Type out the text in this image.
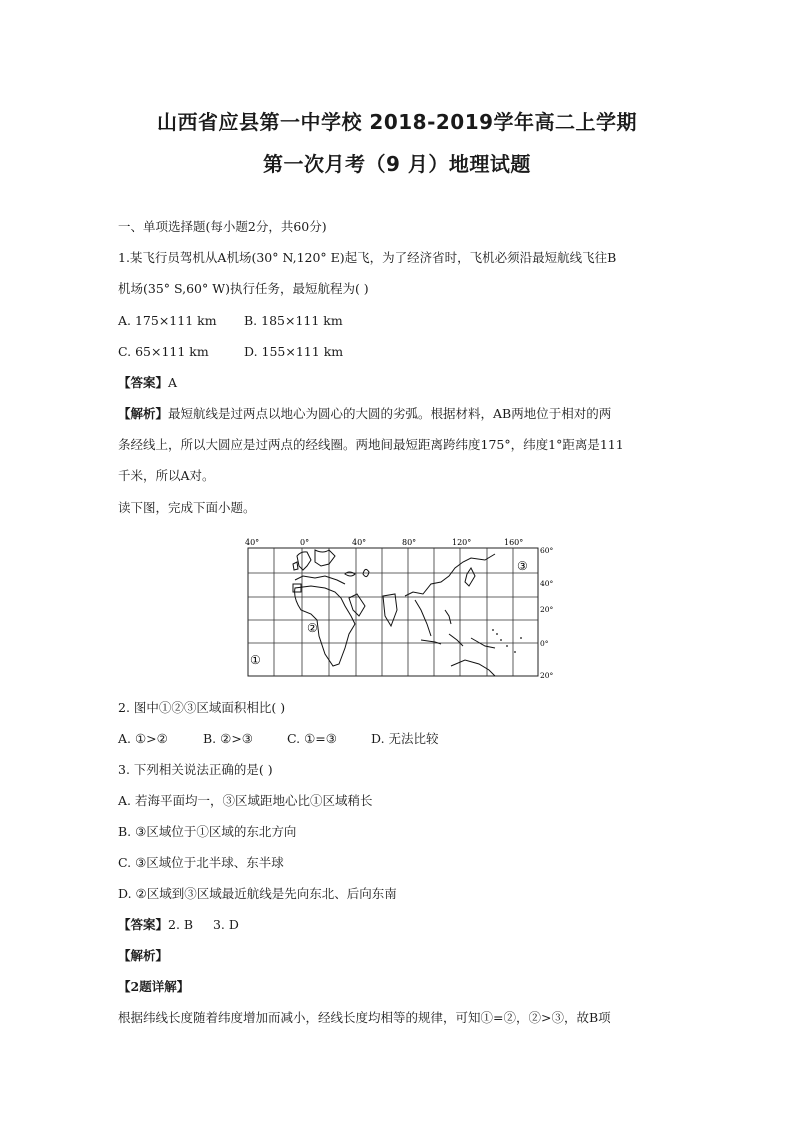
山西省应县第一中学校 2018-2019学年高二上学期
第一次月考（9 月）地理试题
一、单项选择题(每小题2分，共60分)
1.某飞行员驾机从A机场(30° N,120° E)起飞，为了经济省时，飞机必须沿最短航线飞往B
机场(35° S,60° W)执行任务，最短航程为( )
A. 175×111 km B. 185×111 km
C. 65×111 km	D. 155×111 km
【答案】A
【解析】最短航线是过两点以地心为圆心的大圆的劣弧。根据材料，AB两地位于相对的两
条经线上，所以大圆应是过两点的经线圈。两地间最短距离跨纬度175°，纬度1°距离是111
千米，所以A对。
读下图，完成下面小题。
40°	0°	40°	80°	120°	160°
60°
40°
20°
0°
20°
①
②
③
2. 图中①②③区域面积相比( )
A. ①>②	B. ②>③	C. ①=③	D. 无法比较
3. 下列相关说法正确的是( )
A. 若海平面均一，③区域距地心比①区域稍长
B. ③区域位于①区域的东北方向
C. ③区域位于北半球、东半球
D. ②区域到③区域最近航线是先向东北、后向东南
【答案】2. B     3. D
【解析】
【2题详解】
根据纬线长度随着纬度增加而减小，经线长度均相等的规律，可知①=②，②>③，故B项
